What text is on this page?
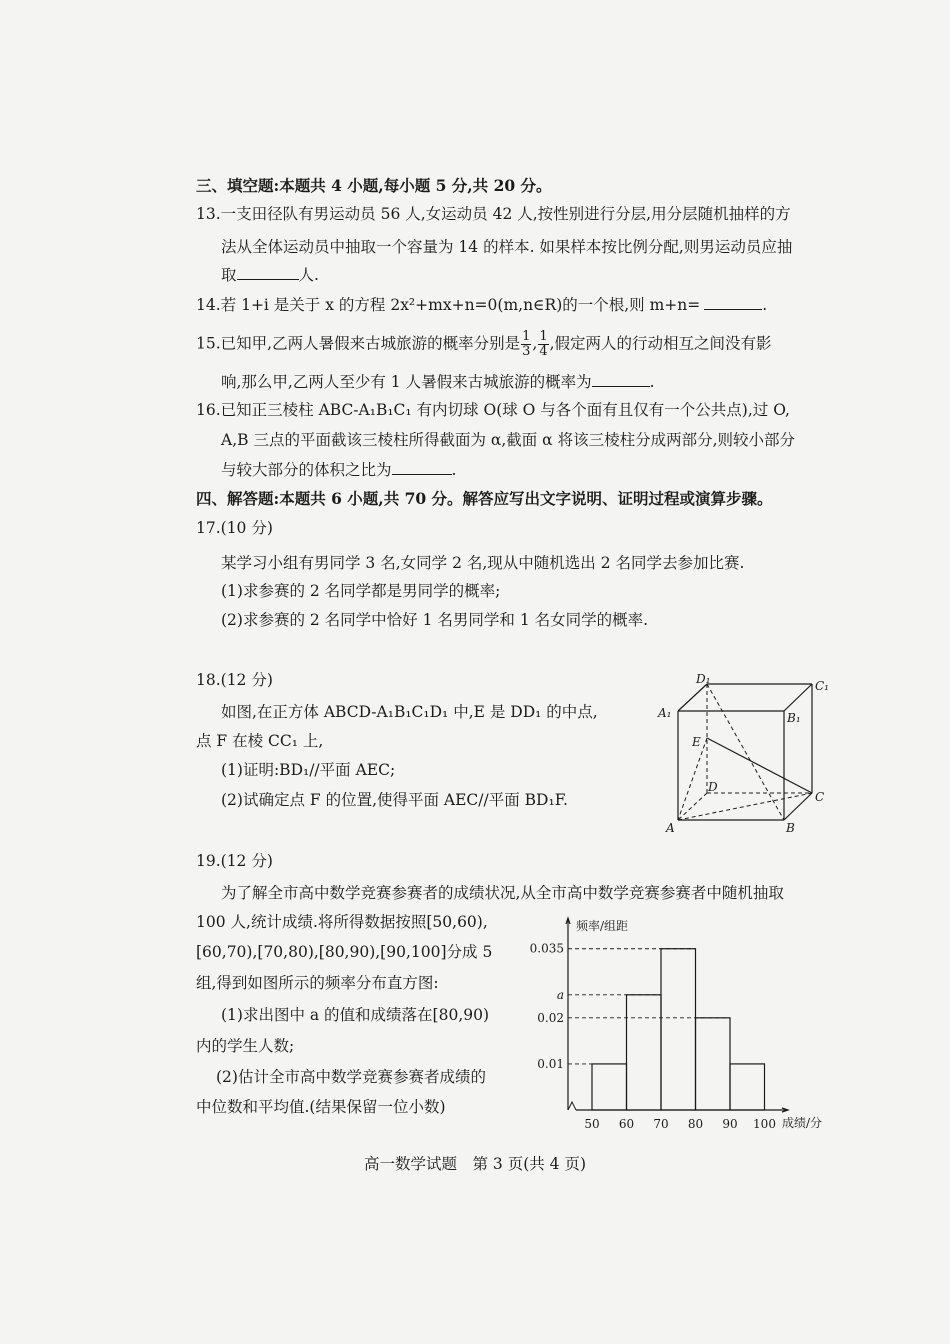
三、填空题:本题共 4 小题,每小题 5 分,共 20 分。
13.一支田径队有男运动员 56 人,女运动员 42 人,按性别进行分层,用分层随机抽样的方
法从全体运动员中抽取一个容量为 14 的样本. 如果样本按比例分配,则男运动员应抽
取	人.
14.若 1+i 是关于 x 的方程 2x²+mx+n=0(m,n∈R)的一个根,则 m+n=	.
15.已知甲,乙两人暑假来古城旅游的概率分别是 $\frac{1}{3}$ , $\frac{1}{4}$ ,假定两人的行动相互之间没有影
响,那么甲,乙两人至少有 1 人暑假来古城旅游的概率为	.
16.已知正三棱柱 ABC-A₁B₁C₁ 有内切球 O(球 O 与各个面有且仅有一个公共点),过 O,
A,B 三点的平面截该三棱柱所得截面为 α,截面 α 将该三棱柱分成两部分,则较小部分
与较大部分的体积之比为	.
四、解答题:本题共 6 小题,共 70 分。解答应写出文字说明、证明过程或演算步骤。
17.(10 分)
某学习小组有男同学 3 名,女同学 2 名,现从中随机选出 2 名同学去参加比赛.
(1)求参赛的 2 名同学都是男同学的概率;
(2)求参赛的 2 名同学中恰好 1 名男同学和 1 名女同学的概率.
18.(12 分)
如图,在正方体 ABCD-A₁B₁C₁D₁ 中,E 是 DD₁ 的中点,
点 F 在棱 CC₁ 上,
(1)证明:BD₁//平面 AEC;
(2)试确定点 F 的位置,使得平面 AEC//平面 BD₁F.
D₁	C₁
A₁	B₁
E
D
C
A	B
19.(12 分)
为了解全市高中数学竞赛参赛者的成绩状况,从全市高中数学竞赛参赛者中随机抽取
100 人,统计成绩.将所得数据按照[50,60),
[60,70),[70,80),[80,90),[90,100]分成 5
组,得到如图所示的频率分布直方图:
(1)求出图中 a 的值和成绩落在[80,90)
内的学生人数;
(2)估计全市高中数学竞赛参赛者成绩的
中位数和平均值.(结果保留一位小数)
0.01
0.02
a
0.035
50 60 70 80 90 100
频率/组距
成绩/分
高一数学试题　第 3 页(共 4 页)
